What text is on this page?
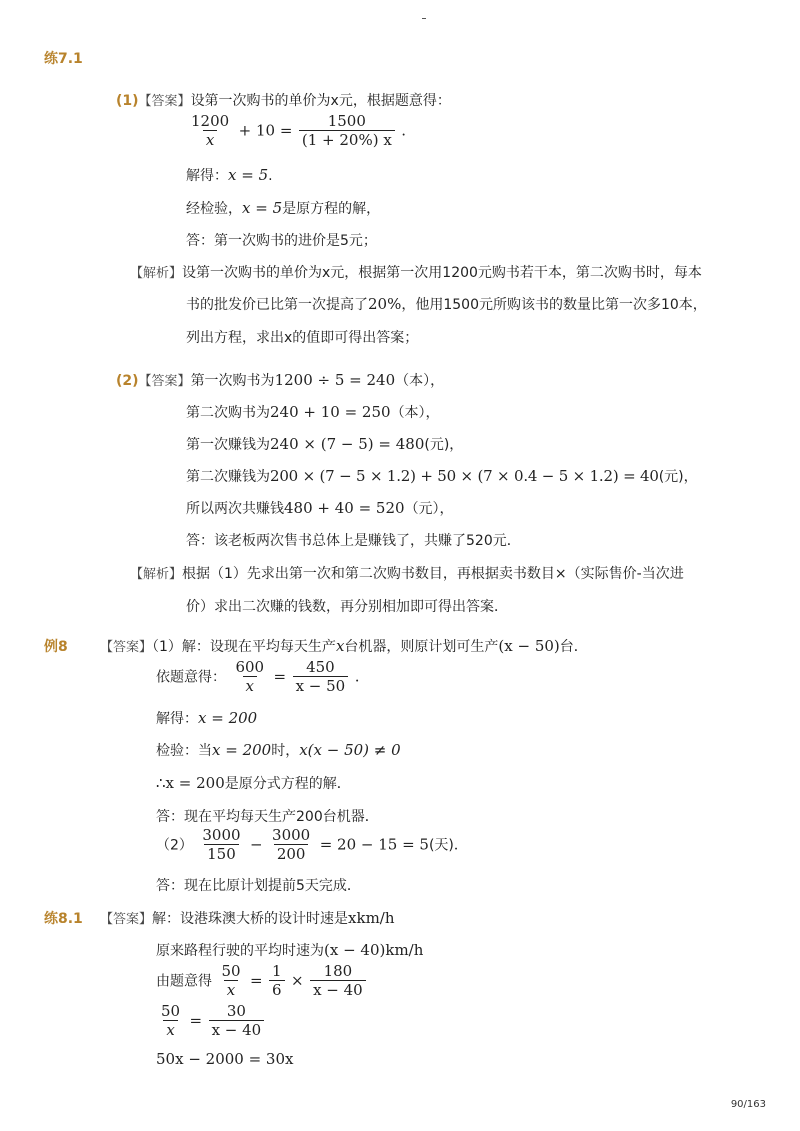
练7.1
(1)【答案】设第一次购书的单价为x元，根据题意得：
$\frac{1200}{x} + 10 = \frac{1500}{(1 + 20\%) x}$ .
解得：x = 5.
经检验，x = 5是原方程的解，
答：第一次购书的进价是5元；
【解析】设第一次购书的单价为x元，根据第一次用1200元购书若干本，第二次购书时，每本
书的批发价已比第一次提高了20%，他用1500元所购该书的数量比第一次多10本，
列出方程，求出x的值即可得出答案；
(2)【答案】第一次购书为1200 ÷ 5 = 240（本），
第二次购书为240 + 10 = 250（本），
第一次赚钱为240 × (7 − 5) = 480(元)，
第二次赚钱为200 × (7 − 5 × 1.2) + 50 × (7 × 0.4 − 5 × 1.2) = 40(元)，
所以两次共赚钱480 + 40 = 520（元），
答：该老板两次售书总体上是赚钱了，共赚了520元．
【解析】根据（1）先求出第一次和第二次购书数目，再根据卖书数目×（实际售价-当次进
价）求出二次赚的钱数，再分别相加即可得出答案．
例8 【答案】（1）解：设现在平均每天生产x台机器，则原计划可生产(x − 50)台．
依题意得： $\frac{600}{x} = \frac{450}{x - 50}$ .
解得：x = 200
检验：当x = 200时，x(x − 50) ≠ 0
∴x = 200是原分式方程的解．
答：现在平均每天生产200台机器．
$(2) \frac{3000}{150} - \frac{3000}{200} = 20 - 15 = 5$(天)．
答：现在比原计划提前5天完成．
练8.1 【答案】解：设港珠澳大桥的设计时速是xkm/h
原来路程行驶的平均时速为(x − 40)km/h
由题意得 $\frac{50}{x} = \frac{1}{6} \times \frac{180}{x - 40}$
$\frac{50}{x} = \frac{30}{x - 40}$
50x − 2000 = 30x
90/163
